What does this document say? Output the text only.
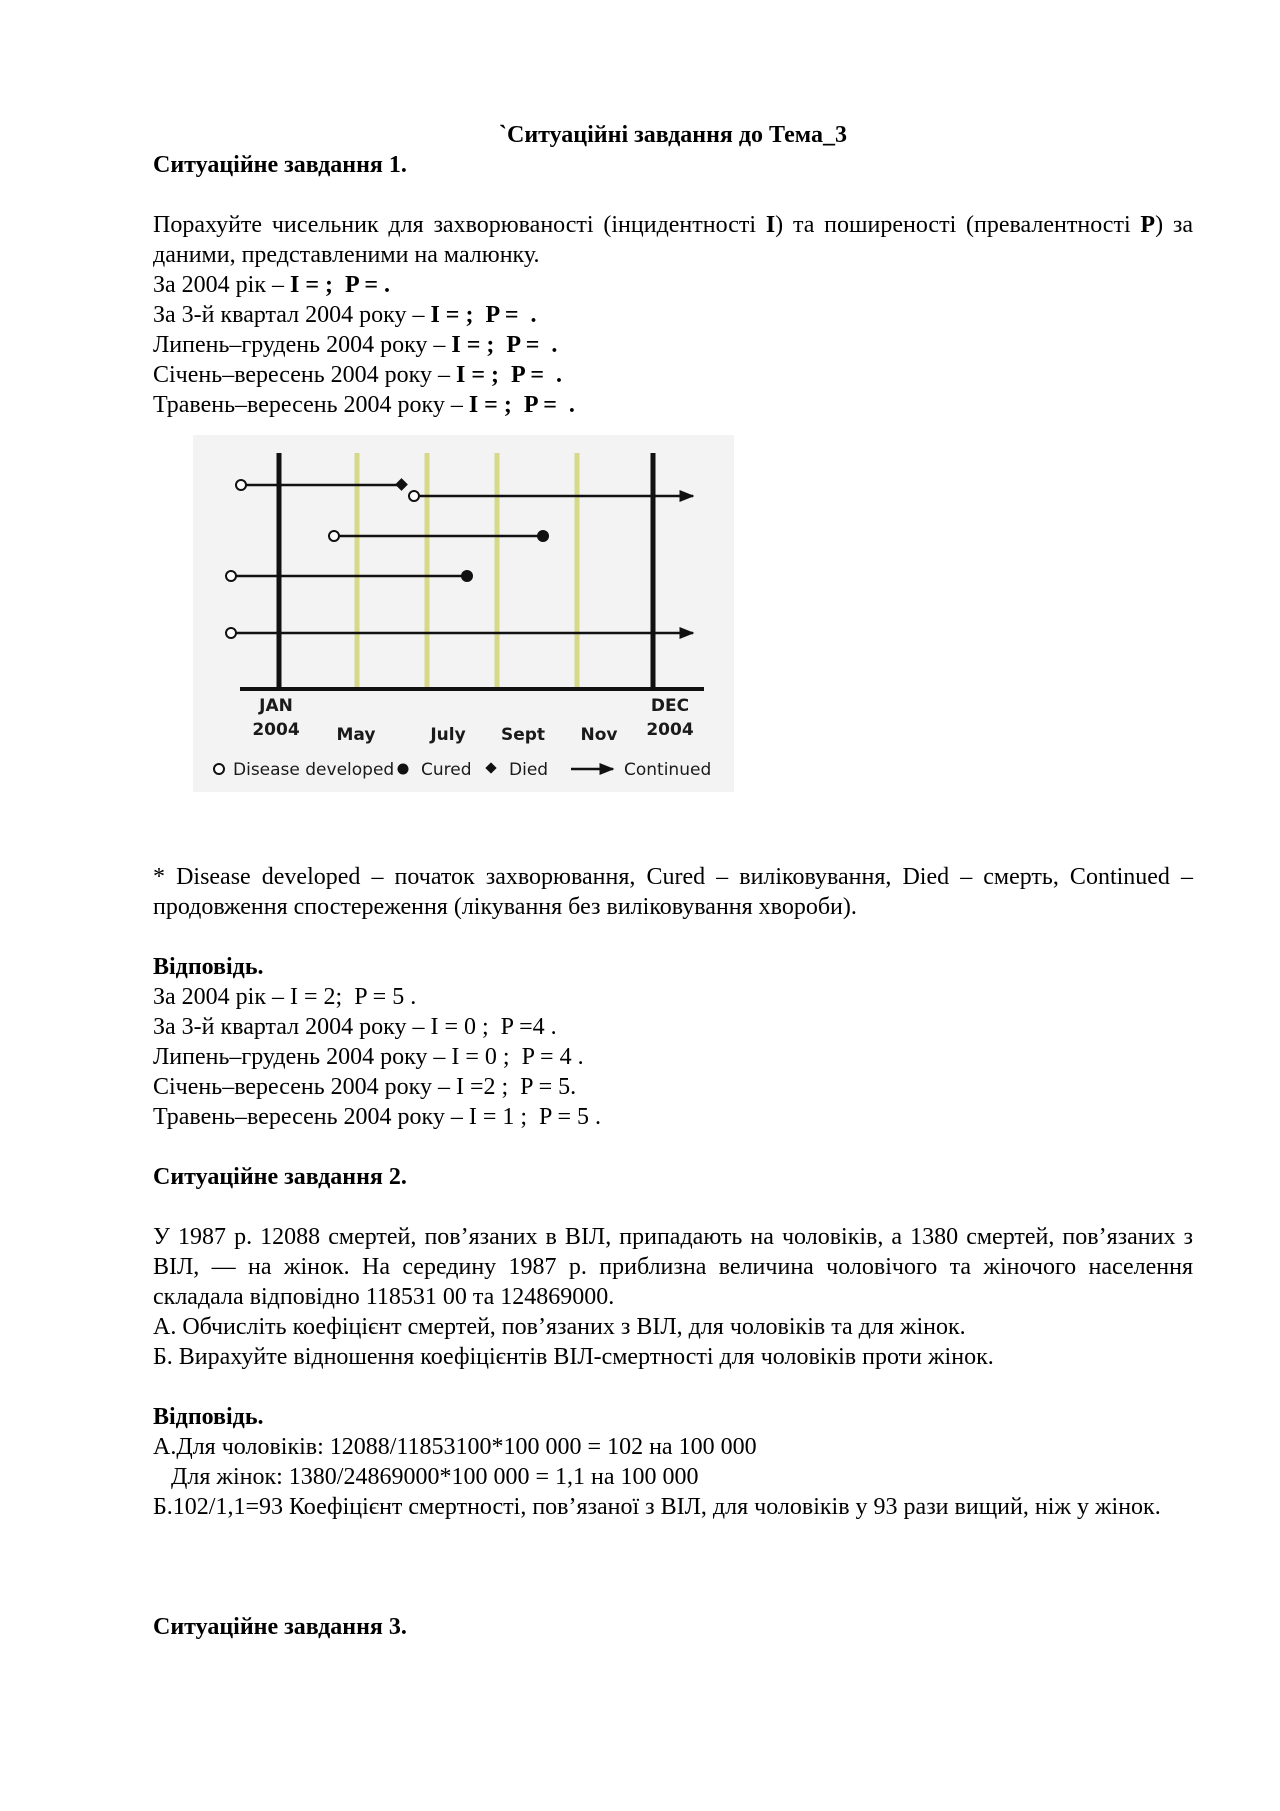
`Ситуаційні завдання до Тема_3
Ситуаційне завдання 1.
Порахуйте чисельник для захворюваності (інцидентності I) та поширеності (превалентності P) за даними, представленими на малюнку.
За 2004 рік – I = ;  P = .
За 3-й квартал 2004 року – I = ;  P =  .
Липень–грудень 2004 року – I = ;  P =  .
Січень–вересень 2004 року – I = ;  P =  .
Травень–вересень 2004 року – I = ;  P =  .
JAN
2004 May	July Sept Nov
DEC
2004
Disease developed Cured Died	Continued
* Disease developed – початок захворювання, Cured – виліковування, Died – смерть, Continued – продовження спостереження (лікування без виліковування хвороби).
Відповідь.
За 2004 рік – I = 2;  P = 5 .
За 3-й квартал 2004 року – I = 0 ;  P =4 .
Липень–грудень 2004 року – I = 0 ;  P = 4 .
Січень–вересень 2004 року – I =2 ;  P = 5.
Травень–вересень 2004 року – I = 1 ;  P = 5 .
Ситуаційне завдання 2.
У 1987 р. 12088 смертей, пов’язаних в ВІЛ, припадають на чоловіків, а 1380 смертей, пов’язаних з ВІЛ, — на жінок. На середину 1987 р. приблизна величина чоловічого та жіночого населення складала відповідно 118531 00 та 124869000.
А. Обчисліть коефіцієнт смертей, пов’язаних з ВІЛ, для чоловіків та для жінок.
Б. Вирахуйте відношення коефіцієнтів ВІЛ-смертності для чоловіків проти жінок.
Відповідь.
А.Для чоловіків: 12088/11853100*100 000 = 102 на 100 000
Для жінок: 1380/24869000*100 000 = 1,1 на 100 000
Б.102/1,1=93 Коефіцієнт смертності, пов’язаної з ВІЛ, для чоловіків у 93 рази вищий, ніж у жінок.
Ситуаційне завдання 3.
